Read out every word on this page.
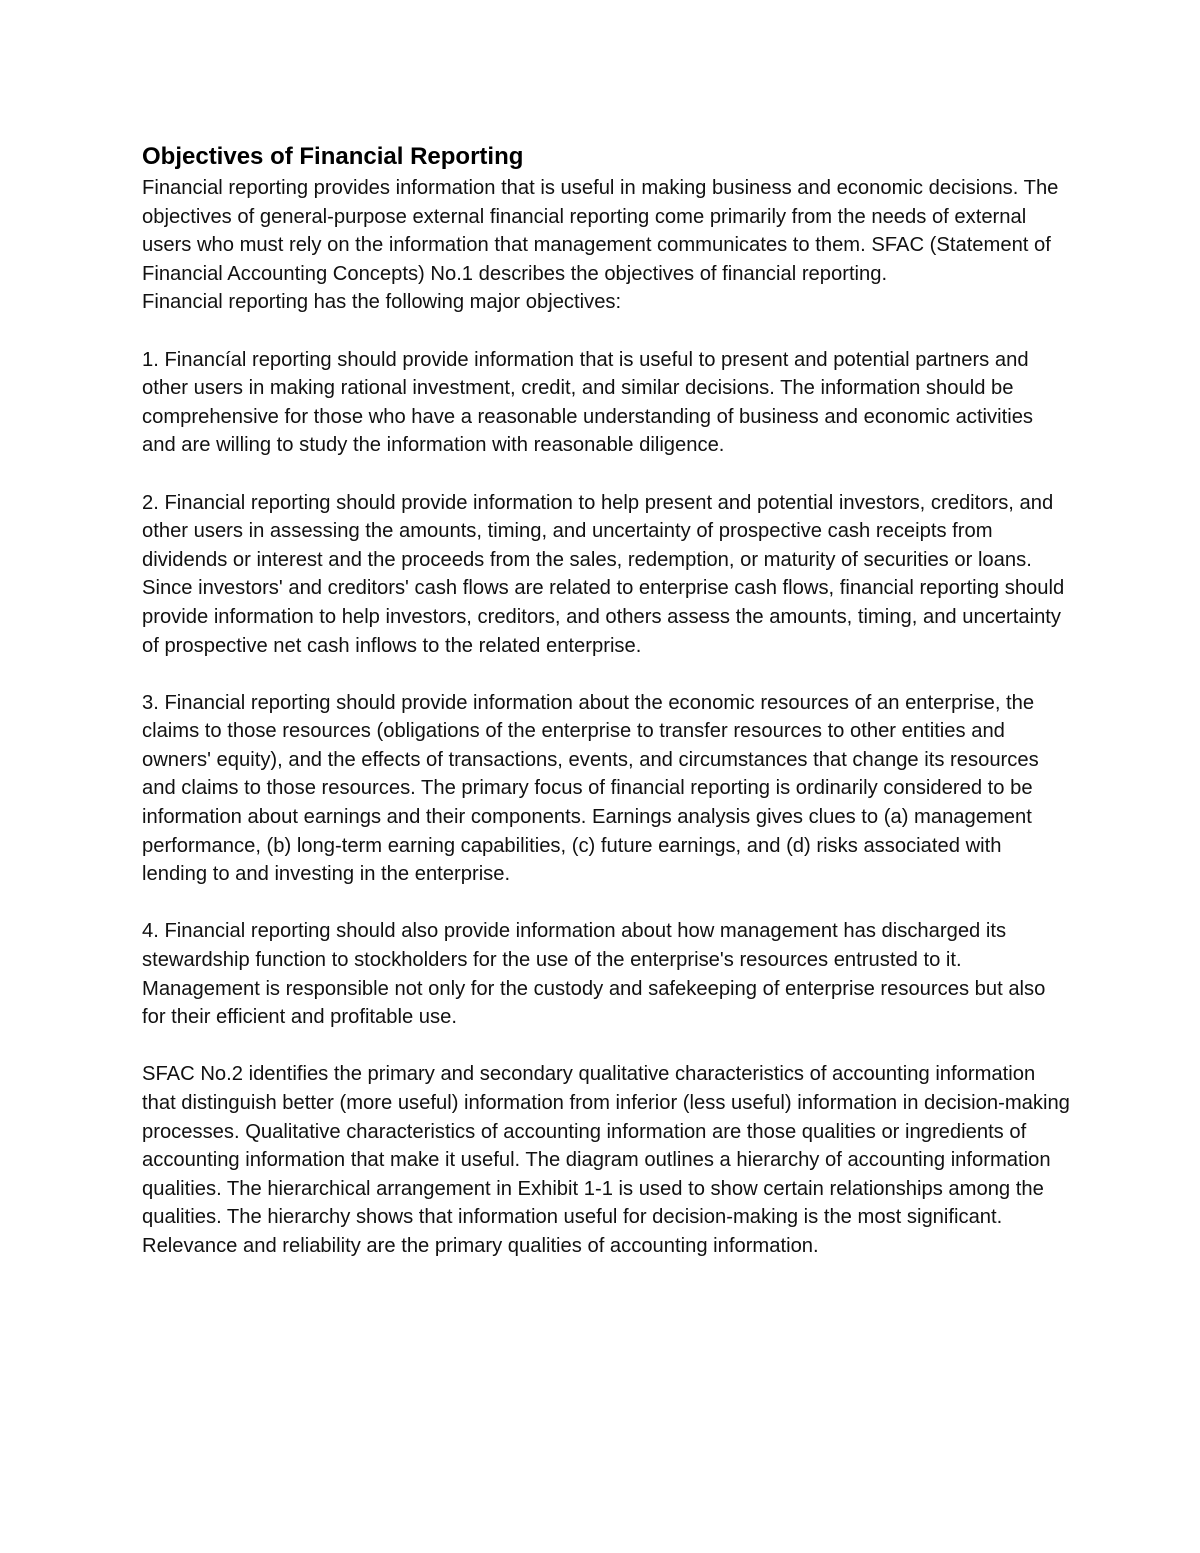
Objectives of Financial Reporting

Financial reporting provides information that is useful in making business and economic decisions. The objectives of general-purpose external financial reporting come primarily from the needs of external users who must rely on the information that management communicates to them. SFAC (Statement of Financial Accounting Concepts) No.1 describes the objectives of financial reporting.

Financial reporting has the following major objectives:

1. Financíal reporting should provide information that is useful to present and potential partners and other users in making rational investment, credit, and similar decisions. The information should be comprehensive for those who have a reasonable understanding of business and economic activities and are willing to study the information with reasonable diligence.

2. Financial reporting should provide information to help present and potential investors, creditors, and other users in assessing the amounts, timing, and uncertainty of prospective cash receipts from dividends or interest and the proceeds from the sales, redemption, or maturity of securities or loans. Since investors' and creditors' cash flows are related to enterprise cash flows, financial reporting should provide information to help investors, creditors, and others assess the amounts, timing, and uncertainty of prospective net cash inflows to the related enterprise.

3. Financial reporting should provide information about the economic resources of an enterprise, the claims to those resources (obligations of the enterprise to transfer resources to other entities and owners' equity), and the effects of transactions, events, and circumstances that change its resources and claims to those resources. The primary focus of financial reporting is ordinarily considered to be information about earnings and their components. Earnings analysis gives clues to (a) management performance, (b) long-term earning capabilities, (c) future earnings, and (d) risks associated with lending to and investing in the enterprise.

4. Financial reporting should also provide information about how management has discharged its stewardship function to stockholders for the use of the enterprise's resources entrusted to it. Management is responsible not only for the custody and safekeeping of enterprise resources but also for their efficient and profitable use.

SFAC No.2 identifies the primary and secondary qualitative characteristics of accounting information that distinguish better (more useful) information from inferior (less useful) information in decision-making processes. Qualitative characteristics of accounting information are those qualities or ingredients of accounting information that make it useful. The diagram outlines a hierarchy of accounting information qualities. The hierarchical arrangement in Exhibit 1-1 is used to show certain relationships among the qualities. The hierarchy shows that information useful for decision-making is the most significant. Relevance and reliability are the primary qualities of accounting information.
